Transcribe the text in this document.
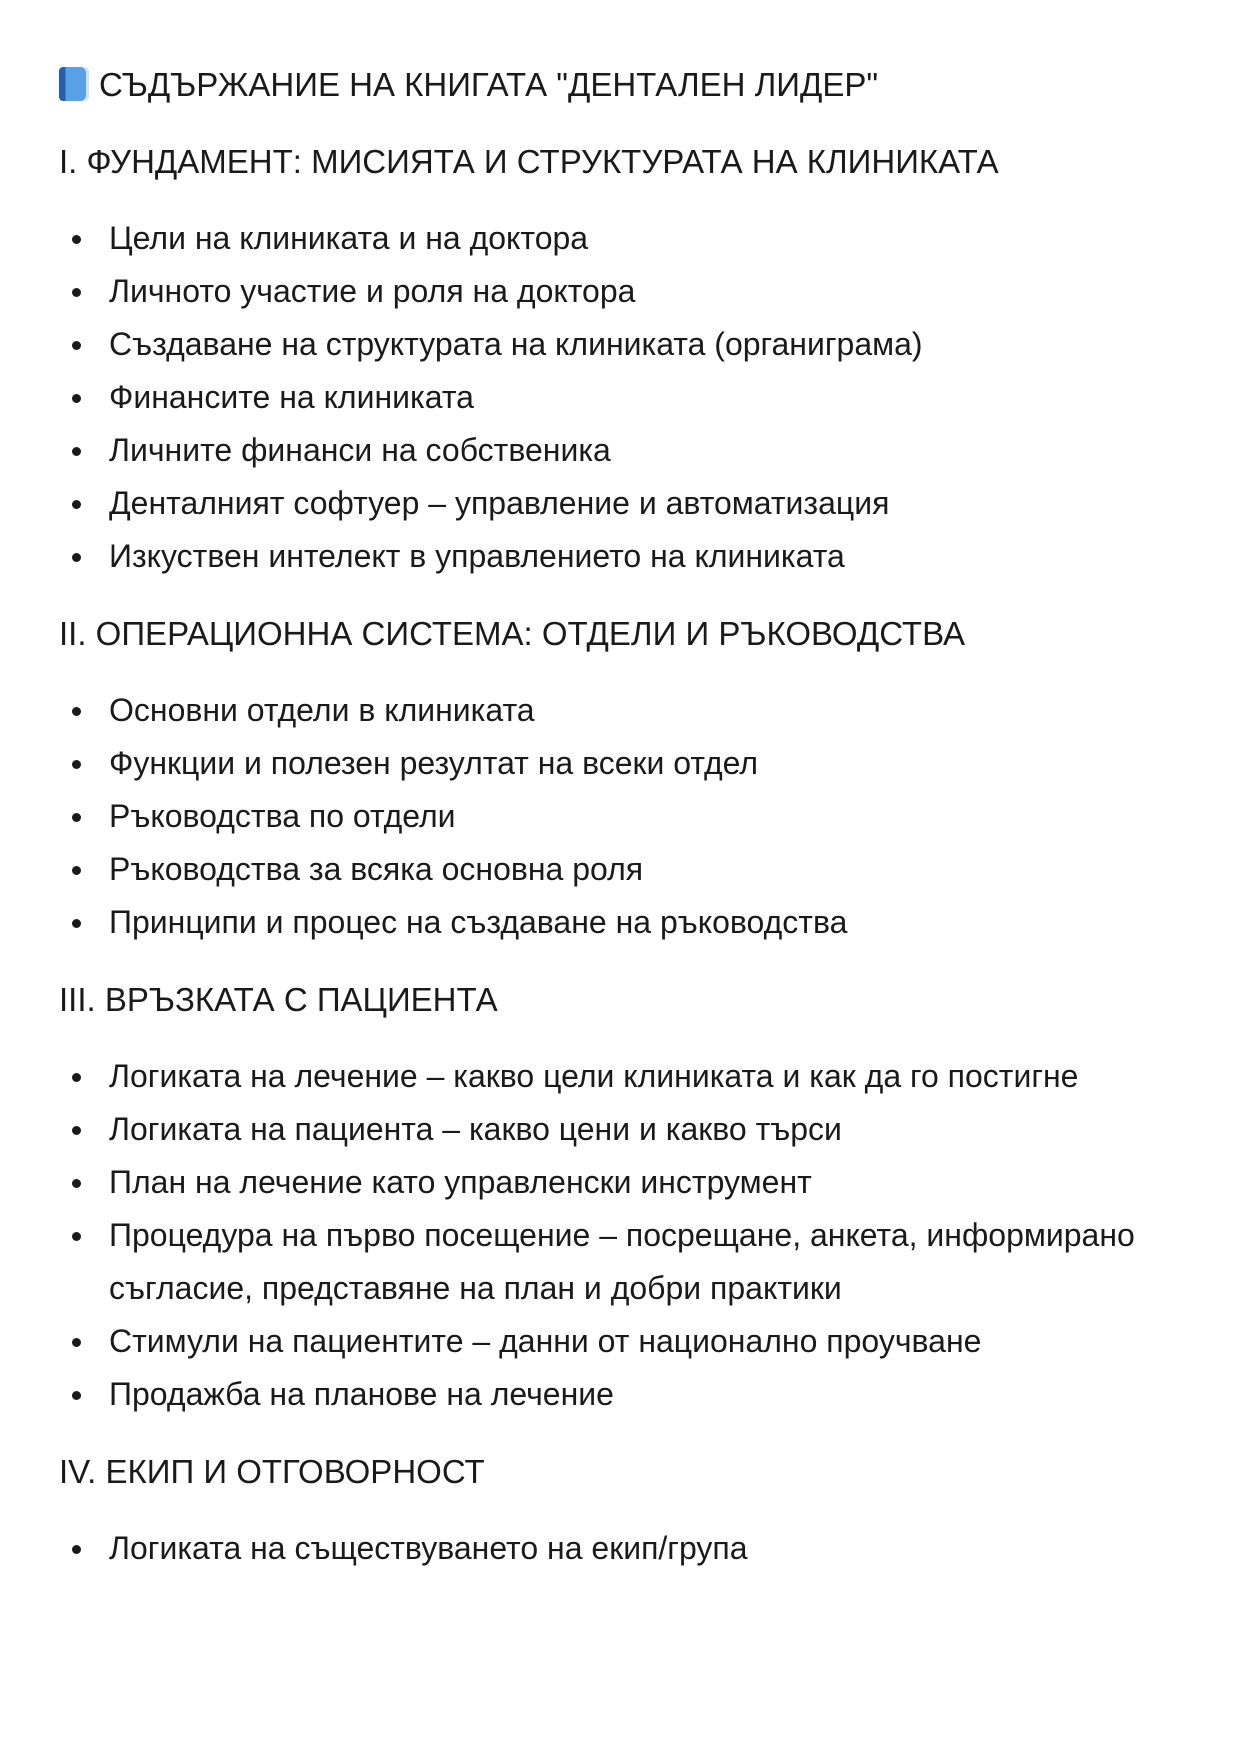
СЪДЪРЖАНИЕ НА КНИГАТА "ДЕНТАЛЕН ЛИДЕР"
I. ФУНДАМЕНТ: МИСИЯТА И СТРУКТУРАТА НА КЛИНИКАТА
Цели на клиниката и на доктора
Личното участие и роля на доктора
Създаване на структурата на клиниката (органиграма)
Финансите на клиниката
Личните финанси на собственика
Денталният софтуер – управление и автоматизация
Изкуствен интелект в управлението на клиниката
II. ОПЕРАЦИОННА СИСТЕМА: ОТДЕЛИ И РЪКОВОДСТВА
Основни отдели в клиниката
Функции и полезен резултат на всеки отдел
Ръководства по отдели
Ръководства за всяка основна роля
Принципи и процес на създаване на ръководства
III. ВРЪЗКАТА С ПАЦИЕНТА
Логиката на лечение – какво цели клиниката и как да го постигне
Логиката на пациента – какво цени и какво търси
План на лечение като управленски инструмент
Процедура на първо посещение – посрещане, анкета, информирано съгласие, представяне на план и добри практики
Стимули на пациентите – данни от национално проучване
Продажба на планове на лечение
IV. ЕКИП И ОТГОВОРНОСТ
Логиката на съществуването на екип/група
